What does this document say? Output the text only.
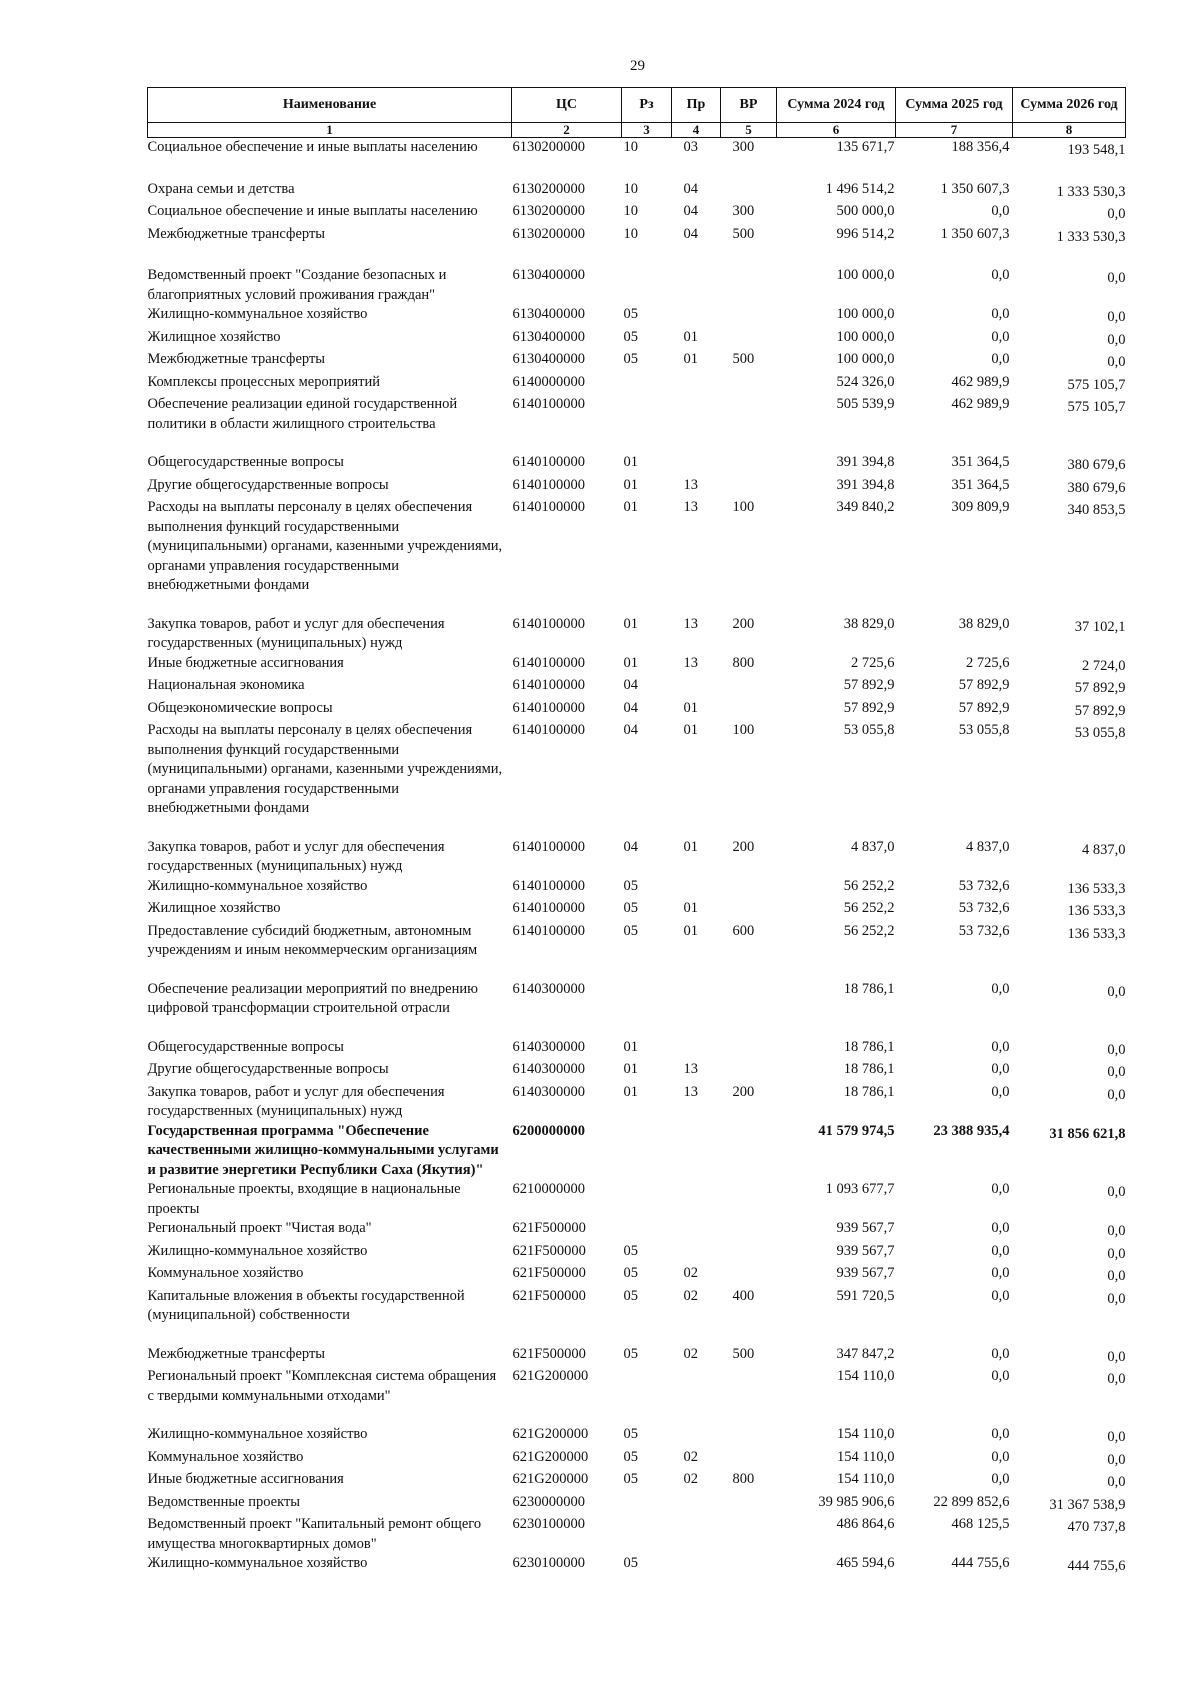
29
Наименование	ЦС	Рз	Пр	ВР	Сумма 2024 год	Сумма 2025 год	Сумма 2026 год
1	2	3	4	5	6	7	8
Социальное обеспечение и иные выплаты населению	6130200000	10	03	300	135 671,7	188 356,4	193 548,1
Охрана семьи и детства	6130200000	10	04		1 496 514,2	1 350 607,3	1 333 530,3
Социальное обеспечение и иные выплаты населению	6130200000	10	04	300	500 000,0	0,0	0,0
Межбюджетные трансферты	6130200000	10	04	500	996 514,2	1 350 607,3	1 333 530,3
Ведомственный проект "Создание безопасных и благоприятных условий проживания граждан"	6130400000				100 000,0	0,0	0,0
Жилищно-коммунальное хозяйство	6130400000	05			100 000,0	0,0	0,0
Жилищное хозяйство	6130400000	05	01		100 000,0	0,0	0,0
Межбюджетные трансферты	6130400000	05	01	500	100 000,0	0,0	0,0
Комплексы процессных мероприятий	6140000000				524 326,0	462 989,9	575 105,7
Обеспечение реализации единой государственной политики в области жилищного строительства	6140100000				505 539,9	462 989,9	575 105,7
Общегосударственные вопросы	6140100000	01			391 394,8	351 364,5	380 679,6
Другие общегосударственные вопросы	6140100000	01	13		391 394,8	351 364,5	380 679,6
Расходы на выплаты персоналу в целях обеспечения выполнения функций государственными (муниципальными) органами, казенными учреждениями, органами управления государственными внебюджетными фондами	6140100000	01	13	100	349 840,2	309 809,9	340 853,5
Закупка товаров, работ и услуг для обеспечения государственных (муниципальных) нужд	6140100000	01	13	200	38 829,0	38 829,0	37 102,1
Иные бюджетные ассигнования	6140100000	01	13	800	2 725,6	2 725,6	2 724,0
Национальная экономика	6140100000	04			57 892,9	57 892,9	57 892,9
Общеэкономические вопросы	6140100000	04	01		57 892,9	57 892,9	57 892,9
Расходы на выплаты персоналу в целях обеспечения выполнения функций государственными (муниципальными) органами, казенными учреждениями, органами управления государственными внебюджетными фондами	6140100000	04	01	100	53 055,8	53 055,8	53 055,8
Закупка товаров, работ и услуг для обеспечения государственных (муниципальных) нужд	6140100000	04	01	200	4 837,0	4 837,0	4 837,0
Жилищно-коммунальное хозяйство	6140100000	05			56 252,2	53 732,6	136 533,3
Жилищное хозяйство	6140100000	05	01		56 252,2	53 732,6	136 533,3
Предоставление субсидий бюджетным, автономным учреждениям и иным некоммерческим организациям	6140100000	05	01	600	56 252,2	53 732,6	136 533,3
Обеспечение реализации мероприятий по внедрению цифровой трансформации строительной отрасли	6140300000				18 786,1	0,0	0,0
Общегосударственные вопросы	6140300000	01			18 786,1	0,0	0,0
Другие общегосударственные вопросы	6140300000	01	13		18 786,1	0,0	0,0
Закупка товаров, работ и услуг для обеспечения государственных (муниципальных) нужд	6140300000	01	13	200	18 786,1	0,0	0,0
Государственная программа "Обеспечение качественными жилищно-коммунальными услугами и развитие энергетики Республики Саха (Якутия)"	6200000000				41 579 974,5	23 388 935,4	31 856 621,8
Региональные проекты, входящие в национальные проекты	6210000000				1 093 677,7	0,0	0,0
Региональный проект "Чистая вода"	621F500000				939 567,7	0,0	0,0
Жилищно-коммунальное хозяйство	621F500000	05			939 567,7	0,0	0,0
Коммунальное хозяйство	621F500000	05	02		939 567,7	0,0	0,0
Капитальные вложения в объекты государственной (муниципальной) собственности	621F500000	05	02	400	591 720,5	0,0	0,0
Межбюджетные трансферты	621F500000	05	02	500	347 847,2	0,0	0,0
Региональный проект "Комплексная система обращения с твердыми коммунальными отходами"	621G200000				154 110,0	0,0	0,0
Жилищно-коммунальное хозяйство	621G200000	05			154 110,0	0,0	0,0
Коммунальное хозяйство	621G200000	05	02		154 110,0	0,0	0,0
Иные бюджетные ассигнования	621G200000	05	02	800	154 110,0	0,0	0,0
Ведомственные проекты	6230000000				39 985 906,6	22 899 852,6	31 367 538,9
Ведомственный проект "Капитальный ремонт общего имущества многоквартирных домов"	6230100000				486 864,6	468 125,5	470 737,8
Жилищно-коммунальное хозяйство	6230100000	05			465 594,6	444 755,6	444 755,6
